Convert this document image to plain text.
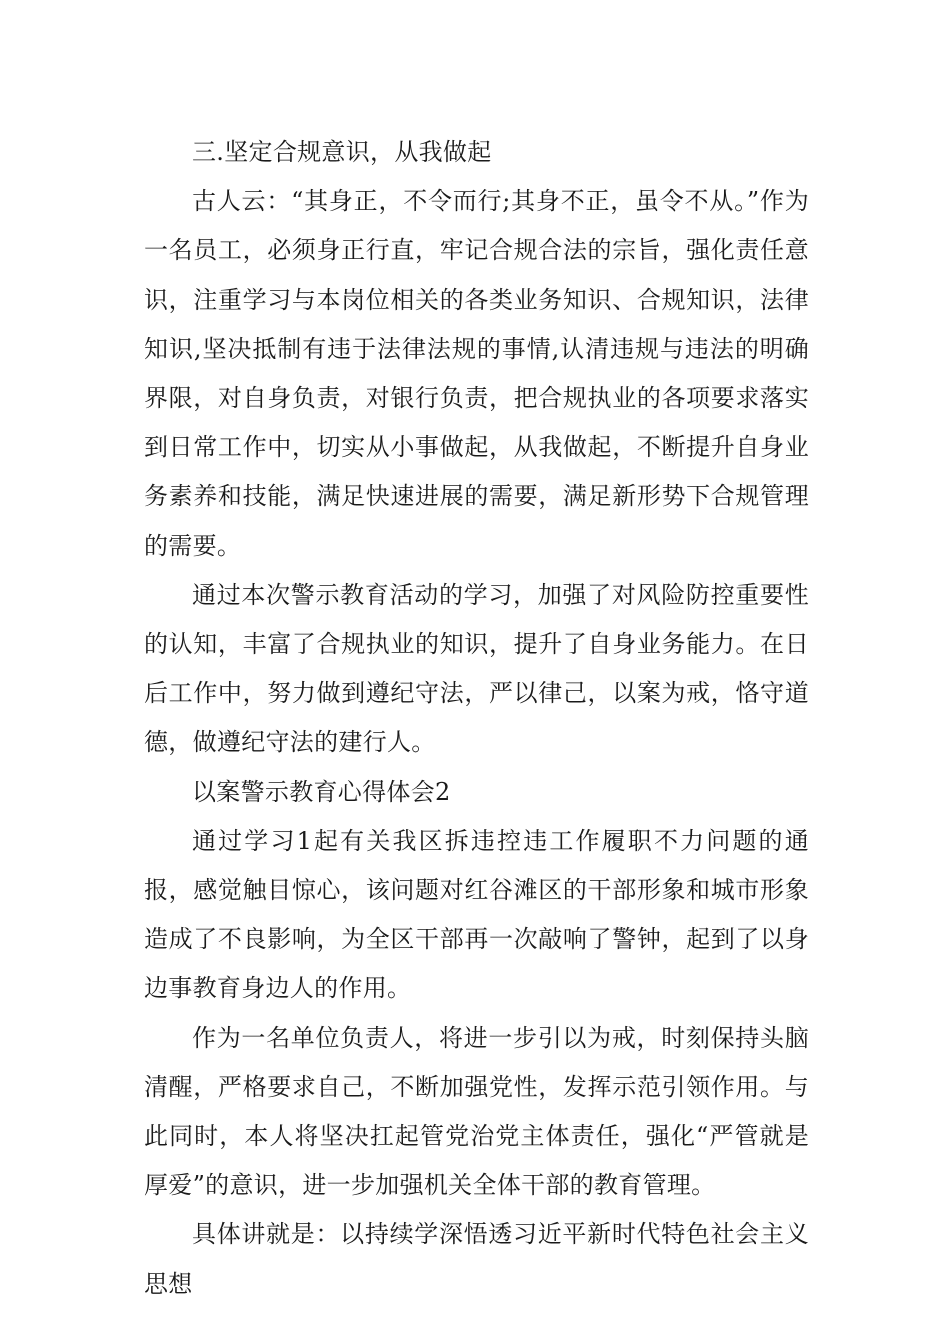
三.坚定合规意识，从我做起

古人云：“其身正，不令而行;其身不正，虽令不从。”作为一名员工，必须身正行直，牢记合规合法的宗旨，强化责任意识，注重学习与本岗位相关的各类业务知识、合规知识，法律知识,坚决抵制有违于法律法规的事情,认清违规与违法的明确界限，对自身负责，对银行负责，把合规执业的各项要求落实到日常工作中，切实从小事做起，从我做起，不断提升自身业务素养和技能，满足快速进展的需要，满足新形势下合规管理的需要。

通过本次警示教育活动的学习，加强了对风险防控重要性的认知，丰富了合规执业的知识，提升了自身业务能力。在日后工作中，努力做到遵纪守法，严以律己，以案为戒，恪守道德，做遵纪守法的建行人。

以案警示教育心得体会2

通过学习1起有关我区拆违控违工作履职不力问题的通报，感觉触目惊心，该问题对红谷滩区的干部形象和城市形象造成了不良影响，为全区干部再一次敲响了警钟，起到了以身边事教育身边人的作用。

作为一名单位负责人，将进一步引以为戒，时刻保持头脑清醒，严格要求自己，不断加强党性，发挥示范引领作用。与此同时，本人将坚决扛起管党治党主体责任，强化“严管就是厚爱”的意识，进一步加强机关全体干部的教育管理。

具体讲就是：以持续学深悟透习近平新时代特色社会主义思想
